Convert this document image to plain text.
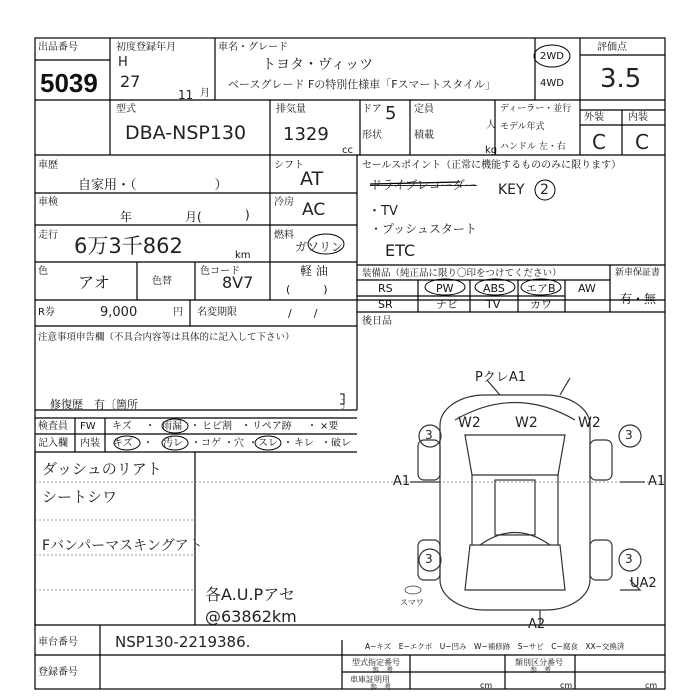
出品番号
5039
初度登録年月
H
27
11 月
車名・グレード
トヨタ・ヴィッツ
ベースグレード Fの特別仕様車「Fスマートスタイル」
2WD
4WD
評価点
3.5
型式
DBA-NSP130
排気量
1329
cc
ドア 5 定員
人
形状	積載
kg
ディーラー・並行
モデル年式
ハンドル 左・右
外装 内装
C C
車歴
自家用・（　　　　　　）
車検
年	月(	)
走行 6万3千862	km
色
アオ	色替
色コード
8V7
シフト
AT
冷房 AC
燃料
ガソリン
軽 油
(　　　)
R券	9,000	円 名変期限	/　　/
注意事項申告欄（不具合内容等は具体的に記入して下さい）
修復歴　有〔箇所	〕
セールスポイント（正常に機能するもののみに限ります）
ドライブレコーダー KEY 2
・TV
・プッシュスタート
ETC
装備品（純正品に限り〇印をつけてください）
RS	PW	ABS エアB AW
SR	ナビ	TV	カワ
新車保証書
有・無
後日品
検査員 FW キズ ・ 雨漏 ・ ヒビ割 ・ リペア跡 ・ ×要
記入欄 内装 キズ ・ 汚レ ・ コゲ ・ 穴 ・ スレ ・ キレ ・ 破レ
ダッシュのリアト
シートシワ
Fバンパーマスキングアト
各A.U.Pアセ
@63862km
PクレA1
W2 W2	W2
A1	A1
UA2
A2
3	3
3	3
スマワ
A−キズ　E−エクボ　U−凹み　W−補修跡　S−サビ　C−腐食　XX−交換済
車台番号 NSP130-2219386.
登録番号
型式指定番号
参　考
類別区分番号
参　考
車庫証明用
参　考	cm	cm	cm
